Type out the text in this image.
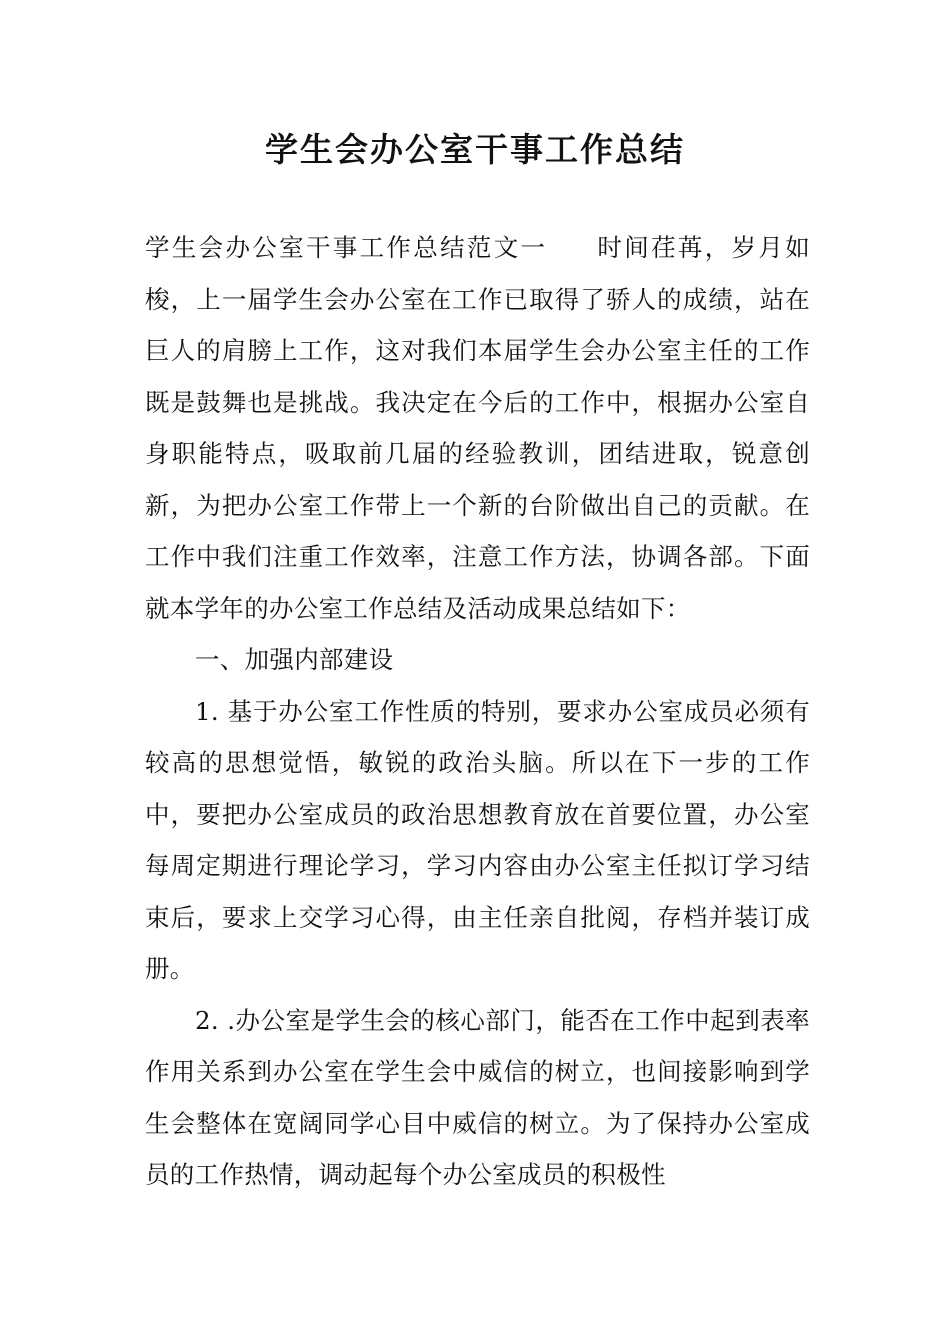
学生会办公室干事工作总结

学生会办公室干事工作总结范文一 时间荏苒，岁月如梭，上一届学生会办公室在工作已取得了骄人的成绩，站在巨人的肩膀上工作，这对我们本届学生会办公室主任的工作既是鼓舞也是挑战。我决定在今后的工作中，根据办公室自身职能特点，吸取前几届的经验教训，团结进取，锐意创新，为把办公室工作带上一个新的台阶做出自己的贡献。在工作中我们注重工作效率，注意工作方法，协调各部。下面就本学年的办公室工作总结及活动成果总结如下：

一、加强内部建设

1. 基于办公室工作性质的特别，要求办公室成员必须有较高的思想觉悟，敏锐的政治头脑。所以在下一步的工作中，要把办公室成员的政治思想教育放在首要位置，办公室每周定期进行理论学习，学习内容由办公室主任拟订学习结束后，要求上交学习心得，由主任亲自批阅，存档并装订成册。

2. .办公室是学生会的核心部门，能否在工作中起到表率作用关系到办公室在学生会中威信的树立，也间接影响到学生会整体在宽阔同学心目中威信的树立。为了保持办公室成员的工作热情，调动起每个办公室成员的积极性
